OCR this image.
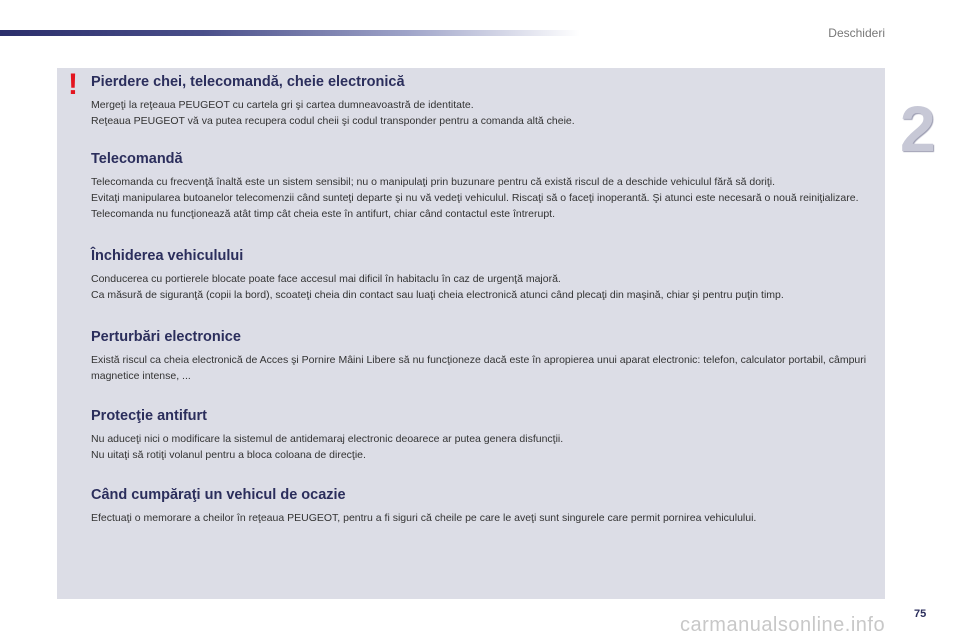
Deschideri
2
! Pierdere chei, telecomandă, cheie electronică

Mergeţi la reţeaua PEUGEOT cu cartela gri şi cartea dumneavoastră de identitate.

Reţeaua PEUGEOT vă va putea recupera codul cheii şi codul transponder pentru a comanda altă cheie.

Telecomandă

Telecomanda cu frecvenţă înaltă este un sistem sensibil; nu o manipulaţi prin buzunare pentru că există riscul de a deschide vehiculul fără să doriţi.

Evitaţi manipularea butoanelor telecomenzii când sunteţi departe şi nu vă vedeţi vehiculul. Riscaţi să o faceţi inoperantă. Şi atunci este necesară o nouă reiniţializare.

Telecomanda nu funcţionează atât timp cât cheia este în antifurt, chiar când contactul este întrerupt.

Închiderea vehiculului

Conducerea cu portierele blocate poate face accesul mai dificil în habitaclu în caz de urgenţă majoră.

Ca măsură de siguranţă (copii la bord), scoateţi cheia din contact sau luaţi cheia electronică atunci când plecaţi din maşină, chiar şi pentru puţin timp.

Perturbări electronice

Există riscul ca cheia electronică de Acces şi Pornire Mâini Libere să nu funcţioneze dacă este în apropierea unui aparat electronic: telefon, calculator portabil, câmpuri magnetice intense, ...

Protecţie antifurt

Nu aduceţi nici o modificare la sistemul de antidemaraj electronic deoarece ar putea genera disfuncţii.

Nu uitaţi să rotiţi volanul pentru a bloca coloana de direcţie.

Când cumpăraţi un vehicul de ocazie

Efectuaţi o memorare a cheilor în reţeaua PEUGEOT, pentru a fi siguri că cheile pe care le aveţi sunt singurele care permit pornirea vehiculului.

75
carmanualsonline.info
